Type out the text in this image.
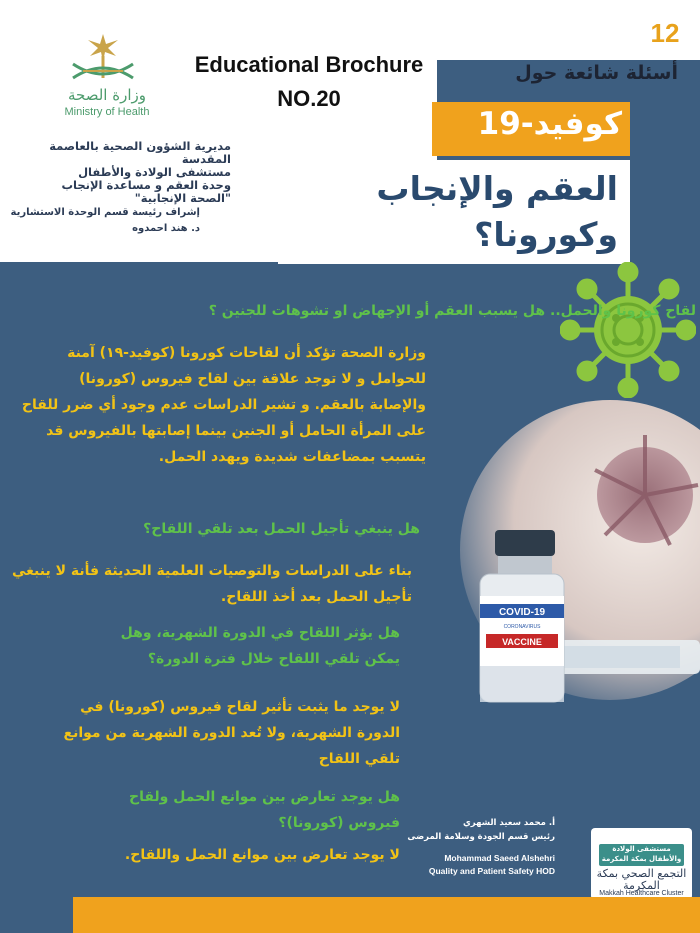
12
وزارة الصحة
Ministry of Health
Educational Brochure
NO.20
مديرية الشؤون الصحية بالعاصمة المقدسة
مستشفى الولادة والأطفال
وحدة العقم و مساعدة الإنجاب
"الصحة الإنجابية"
إشراف رئيسة قسم الوحدة الاستشارية
د. هند احمدوه
أسئلة شائعة حول
كوفيد-19
العقم والإنجاب
وكورونا؟
COVID-19
CORONAVIRUS
VACCINE
لقاح كورونا والحمل.. هل يسبب العقم أو الإجهاض او تشوهات للجنين ؟
وزارة الصحة تؤكد أن لقاحات كورونا (كوفيد-١٩) آمنة للحوامل و لا توجد علاقة بين لقاح فيروس (كورونا) والإصابة بالعقم. و تشير الدراسات عدم وجود أي ضرر للقاح على المرأة الحامل أو الجنين بينما إصابتها بالفيروس قد يتسبب بمضاعفات شديدة ويهدد الحمل.
هل ينبغي تأجيل الحمل بعد تلقي اللقاح؟
بناء على الدراسات والتوصيات العلمية الحديثة فأنة لا ينبغي تأجيل الحمل بعد أخذ اللقاح.
هل يؤثر اللقاح في الدورة الشهرية، وهل يمكن تلقي اللقاح خلال فترة الدورة؟
لا يوجد ما يثبت تأثير لقاح فيروس (كورونا) في الدورة الشهرية، ولا تُعد الدورة الشهرية من موانع تلقي اللقاح
هل يوجد تعارض بين موانع الحمل ولقاح فيروس (كورونا)؟
لا يوجد تعارض بين موانع الحمل واللقاح.
أ. محمد سعيد الشهري
رئيس قسم الجودة وسلامة المرضى
Mohammad Saeed Alshehri
Quality and Patient Safety HOD
مستشفى الولادة والأطفال بمكة المكرمة
التجمع الصحي بمكة المكرمة
Makkah Healthcare Cluster
